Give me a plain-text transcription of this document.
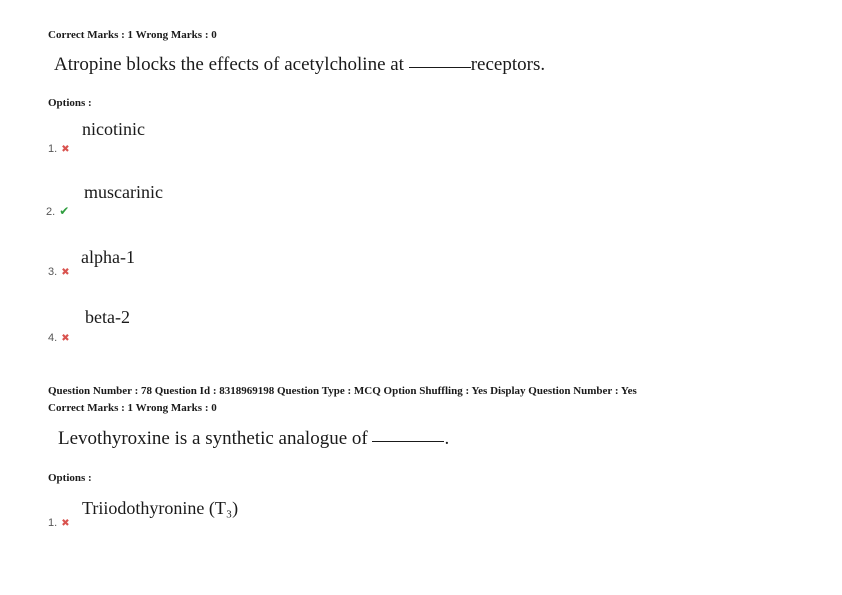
Correct Marks : 1 Wrong Marks : 0
Atropine blocks the effects of acetylcholine at	receptors.
Options :
nicotinic
1. ✖
muscarinic
2. ✔
alpha-1
3. ✖
beta-2
4. ✖
Question Number : 78 Question Id : 8318969198 Question Type : MCQ Option Shuffling : Yes Display Question Number : Yes
Correct Marks : 1 Wrong Marks : 0
Levothyroxine is a synthetic analogue of	.
Options :
Triiodothyronine (T₃)
1. ✖
